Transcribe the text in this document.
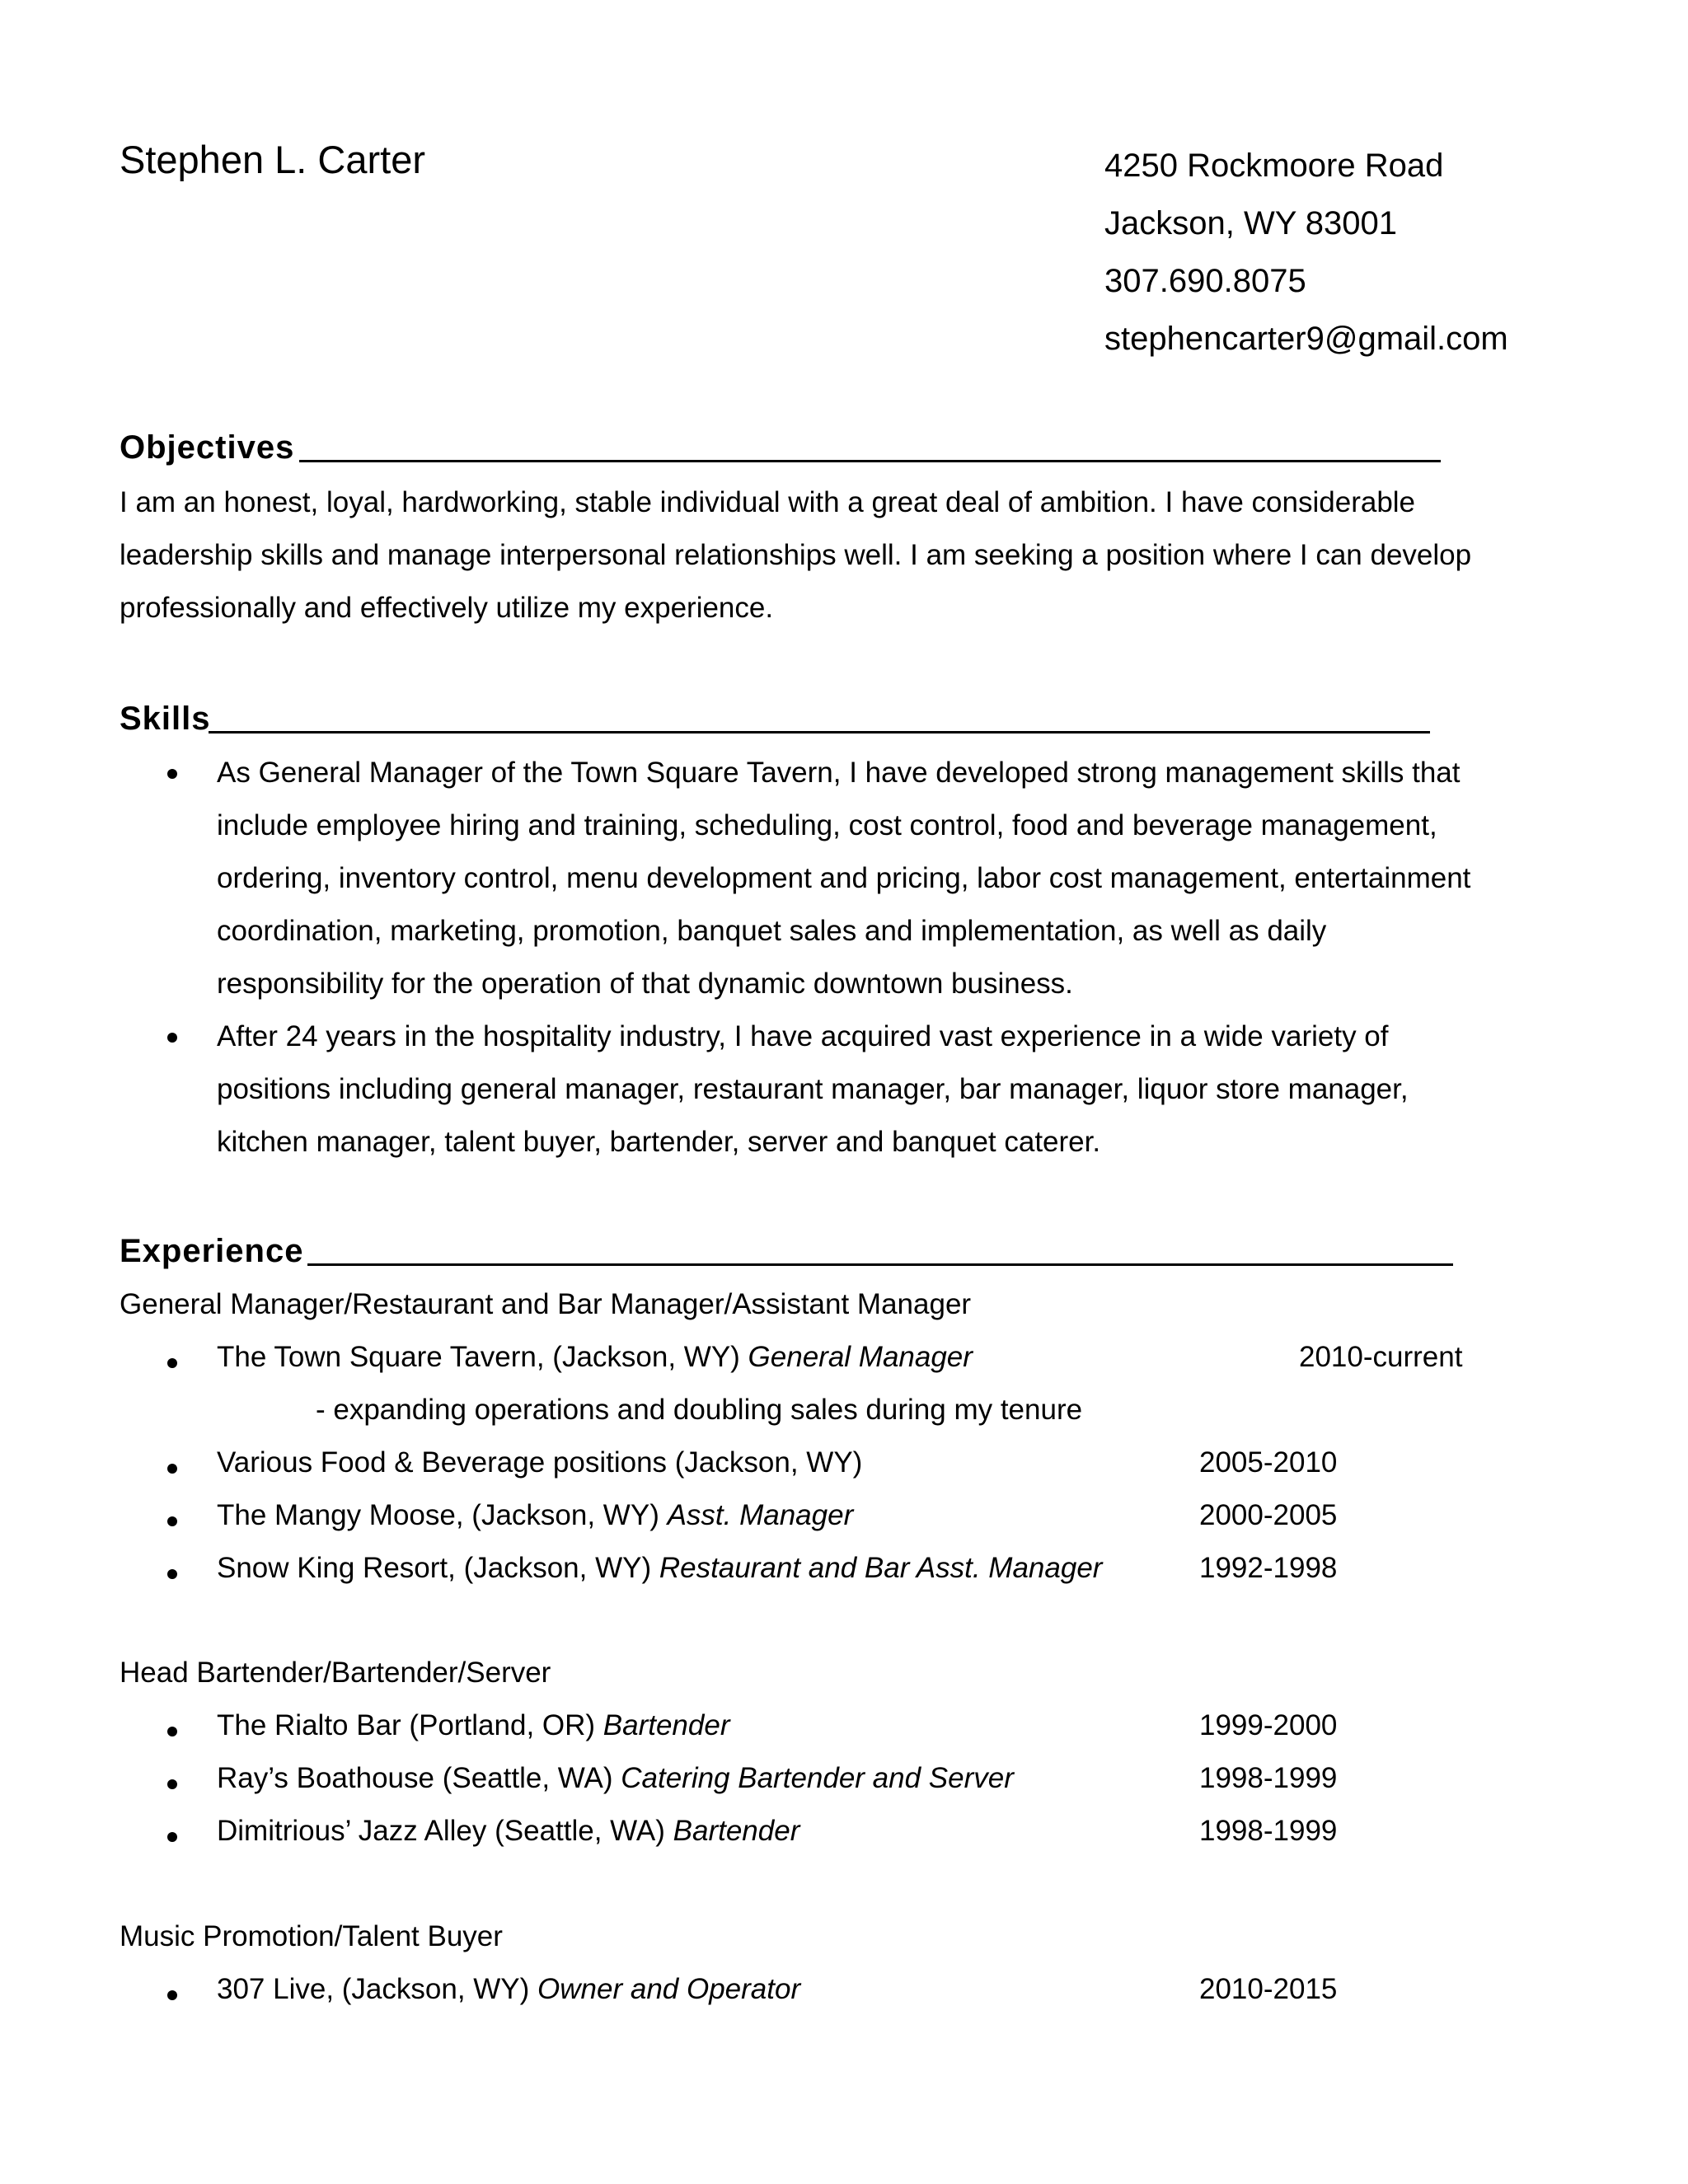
Stephen L. Carter	4250 Rockmoore Road
Jackson, WY 83001
307.690.8075
stephencarter9@gmail.com
Objectives
I am an honest, loyal, hardworking, stable individual with a great deal of ambition. I have considerable
leadership skills and manage interpersonal relationships well. I am seeking a position where I can develop
professionally and effectively utilize my experience.
Skills
As General Manager of the Town Square Tavern, I have developed strong management skills that
include employee hiring and training, scheduling, cost control, food and beverage management,
ordering, inventory control, menu development and pricing, labor cost management, entertainment
coordination, marketing, promotion, banquet sales and implementation, as well as daily
responsibility for the operation of that dynamic downtown business.
After 24 years in the hospitality industry, I have acquired vast experience in a wide variety of
positions including general manager, restaurant manager, bar manager, liquor store manager,
kitchen manager, talent buyer, bartender, server and banquet caterer.
Experience
General Manager/Restaurant and Bar Manager/Assistant Manager
The Town Square Tavern, (Jackson, WY) General Manager	2010-current
- expanding operations and doubling sales during my tenure
Various Food & Beverage positions (Jackson, WY)	2005-2010
The Mangy Moose, (Jackson, WY) Asst. Manager	2000-2005
Snow King Resort, (Jackson, WY) Restaurant and Bar Asst. Manager	1992-1998
Head Bartender/Bartender/Server
The Rialto Bar (Portland, OR) Bartender	1999-2000
Ray’s Boathouse (Seattle, WA) Catering Bartender and Server	1998-1999
Dimitrious’ Jazz Alley (Seattle, WA) Bartender	1998-1999
Music Promotion/Talent Buyer
307 Live, (Jackson, WY) Owner and Operator	2010-2015
